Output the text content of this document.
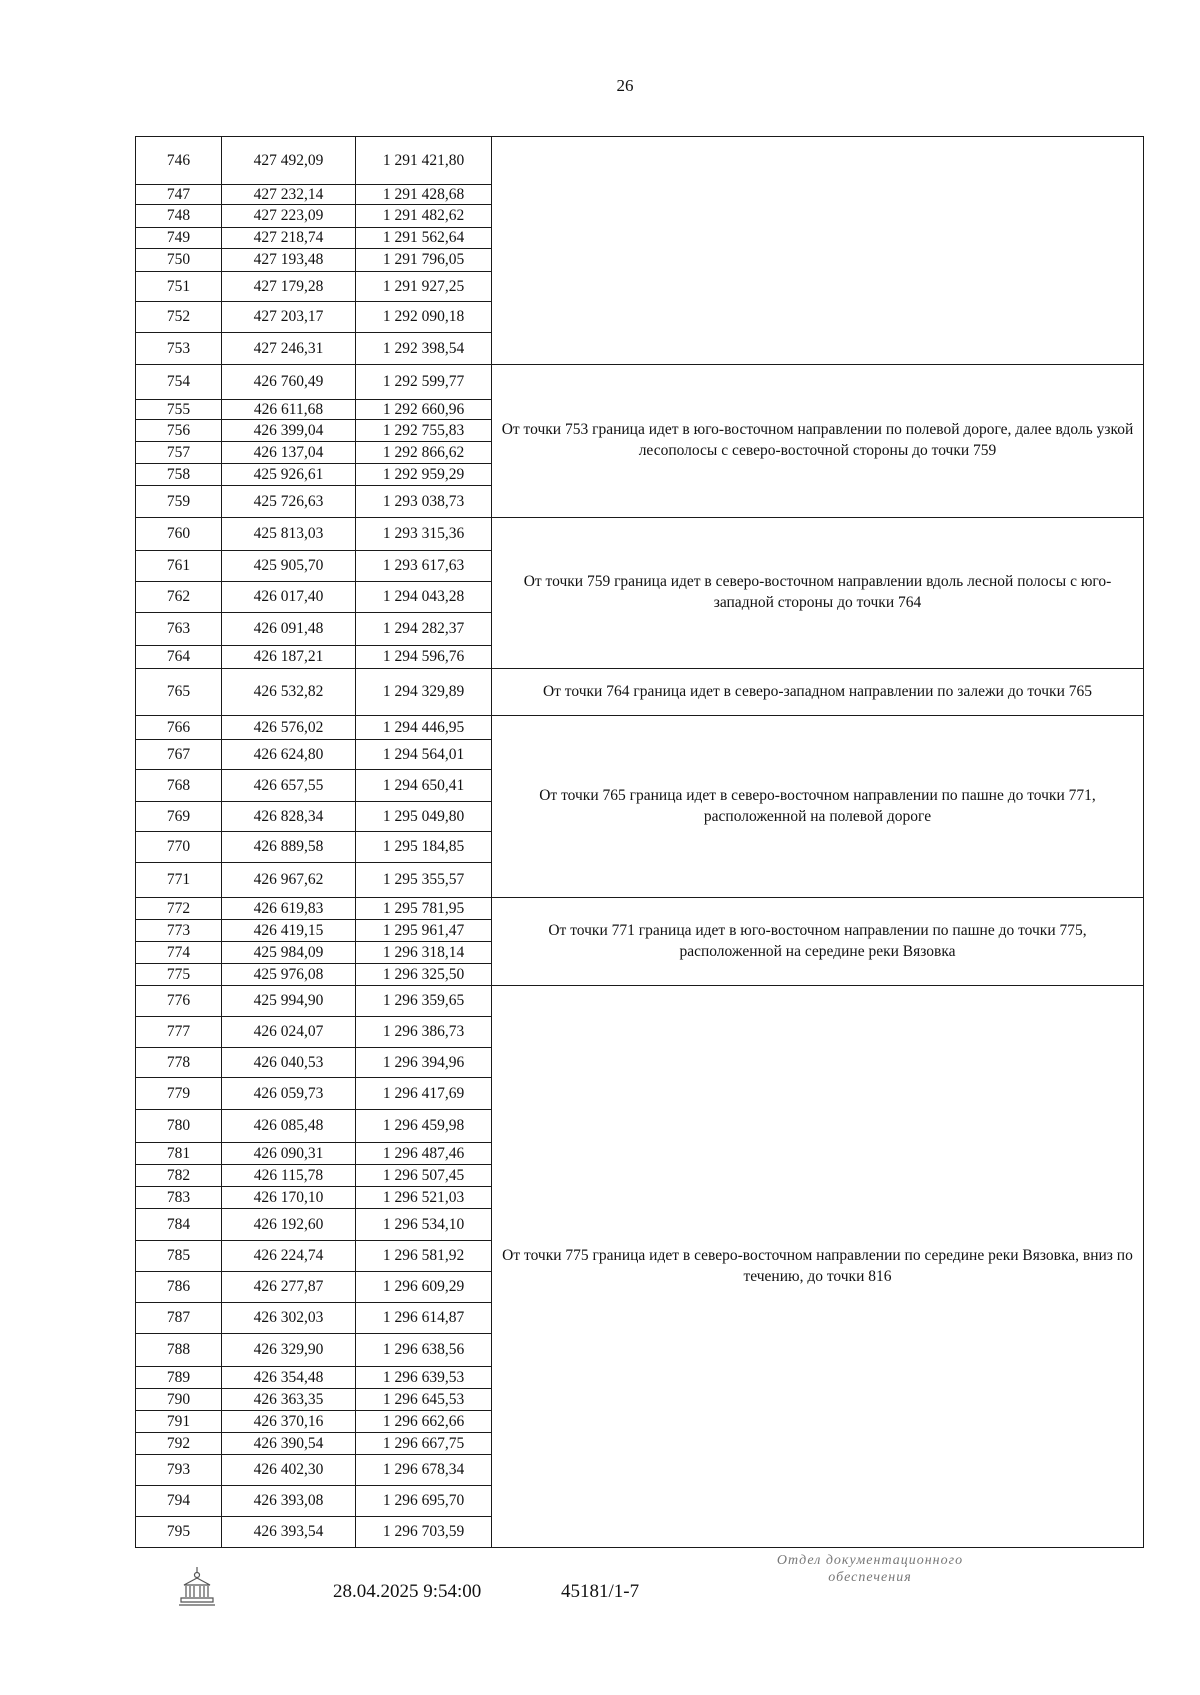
26
746	427 492,09	1 291 421,80	
747	427 232,14	1 291 428,68	
748	427 223,09	1 291 482,62	
749	427 218,74	1 291 562,64	
750	427 193,48	1 291 796,05	
751	427 179,28	1 291 927,25	
752	427 203,17	1 292 090,18	
753	427 246,31	1 292 398,54	
754	426 760,49	1 292 599,77	От точки 753 граница идет в юго-восточном направлении по полевой дороге, далее вдоль узкой лесополосы с северо-восточной стороны до точки 759
755	426 611,68	1 292 660,96	
756	426 399,04	1 292 755,83	
757	426 137,04	1 292 866,62	
758	425 926,61	1 292 959,29	
759	425 726,63	1 293 038,73	
760	425 813,03	1 293 315,36	От точки 759 граница идет в северо-восточном направлении вдоль лесной полосы с юго-западной стороны до точки 764
761	425 905,70	1 293 617,63	
762	426 017,40	1 294 043,28	
763	426 091,48	1 294 282,37	
764	426 187,21	1 294 596,76	
765	426 532,82	1 294 329,89	От точки 764 граница идет в северо-западном направлении по залежи до точки 765
766	426 576,02	1 294 446,95	От точки 765 граница идет в северо-восточном направлении по пашне до точки 771, расположенной на полевой дороге
767	426 624,80	1 294 564,01	
768	426 657,55	1 294 650,41	
769	426 828,34	1 295 049,80	
770	426 889,58	1 295 184,85	
771	426 967,62	1 295 355,57	
772	426 619,83	1 295 781,95	От точки 771 граница идет в юго-восточном направлении по пашне до точки 775, расположенной на середине реки Вязовка
773	426 419,15	1 295 961,47	
774	425 984,09	1 296 318,14	
775	425 976,08	1 296 325,50	
776	425 994,90	1 296 359,65	От точки 775 граница идет в северо-восточном направлении по середине реки Вязовка, вниз по течению, до точки 816
777	426 024,07	1 296 386,73	
778	426 040,53	1 296 394,96	
779	426 059,73	1 296 417,69	
780	426 085,48	1 296 459,98	
781	426 090,31	1 296 487,46	
782	426 115,78	1 296 507,45	
783	426 170,10	1 296 521,03	
784	426 192,60	1 296 534,10	
785	426 224,74	1 296 581,92	
786	426 277,87	1 296 609,29	
787	426 302,03	1 296 614,87	
788	426 329,90	1 296 638,56	
789	426 354,48	1 296 639,53	
790	426 363,35	1 296 645,53	
791	426 370,16	1 296 662,66	
792	426 390,54	1 296 667,75	
793	426 402,30	1 296 678,34	
794	426 393,08	1 296 695,70	
795	426 393,54	1 296 703,59	
28.04.2025 9:54:00	45181/1-7
Отдел документационного
обеспечения
